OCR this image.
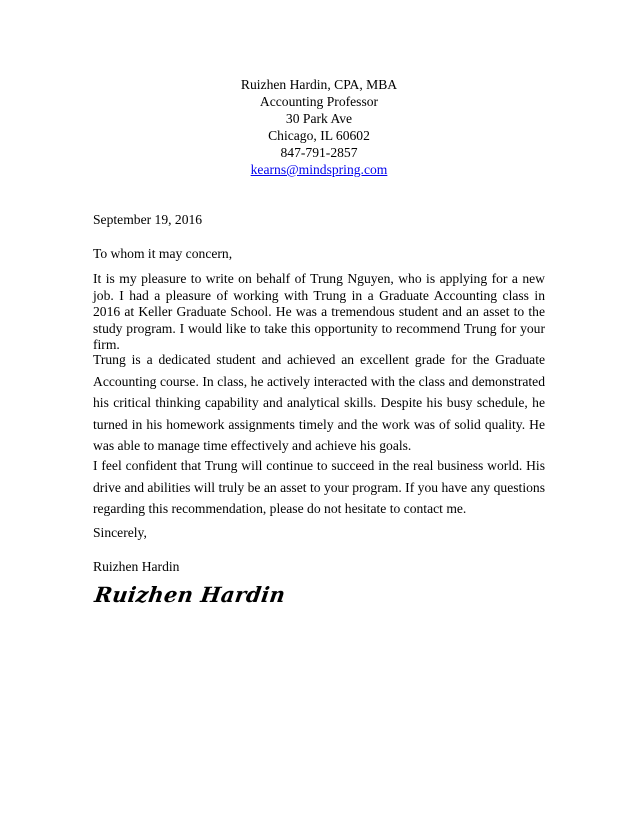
Ruizhen Hardin, CPA, MBA
Accounting Professor
30 Park Ave
Chicago, IL 60602
847-791-2857
kearns@mindspring.com

September 19, 2016

To whom it may concern,

It is my pleasure to write on behalf of Trung Nguyen, who is applying for a new job. I had a pleasure of working with Trung in a Graduate Accounting class in 2016 at Keller Graduate School. He was a tremendous student and an asset to the study program. I would like to take this opportunity to recommend Trung for your firm.

Trung is a dedicated student and achieved an excellent grade for the Graduate Accounting course. In class, he actively interacted with the class and demonstrated his critical thinking capability and analytical skills. Despite his busy schedule, he turned in his homework assignments timely and the work was of solid quality. He was able to manage time effectively and achieve his goals.

I feel confident that Trung will continue to succeed in the real business world. His drive and abilities will truly be an asset to your program. If you have any questions regarding this recommendation, please do not hesitate to contact me.

Sincerely,

Ruizhen Hardin

Ruizhen Hardin
